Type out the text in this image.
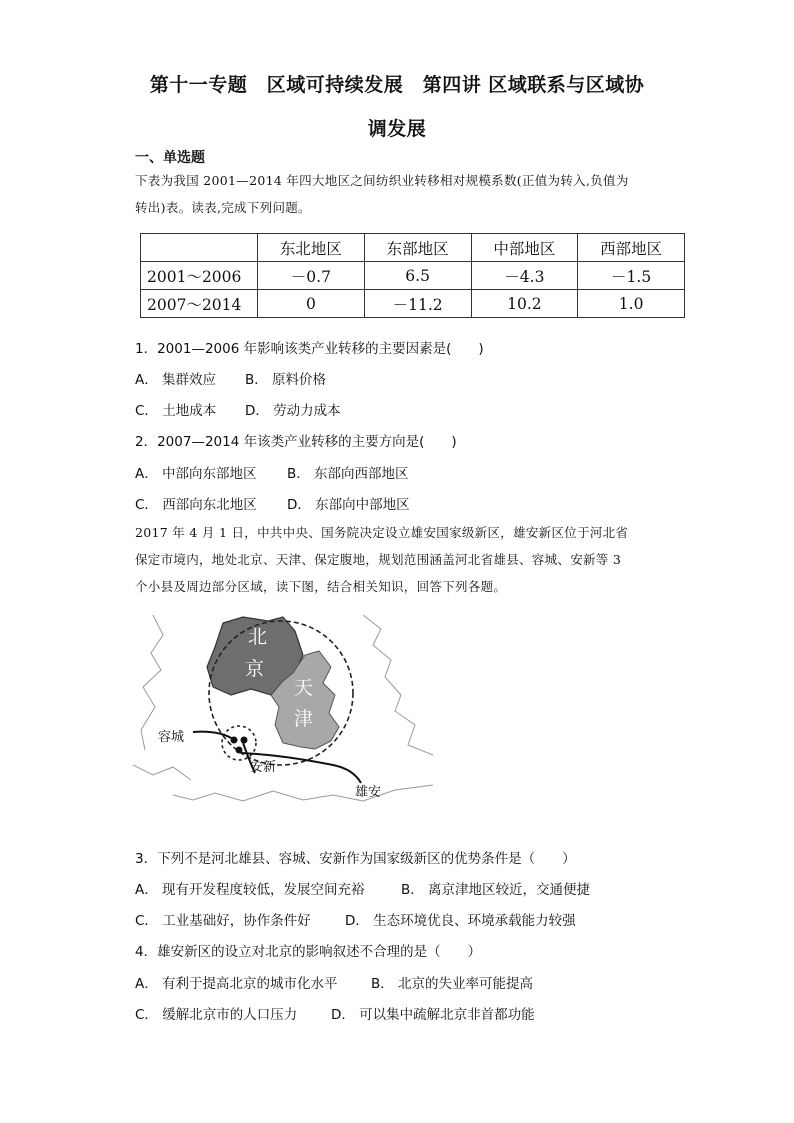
第十一专题　区域可持续发展　第四讲 区域联系与区域协
调发展
一、单选题
下表为我国 2001—2014 年四大地区之间纺织业转移相对规模系数(正值为转入,负值为
转出)表。读表,完成下列问题。
	东北地区	东部地区	中部地区	西部地区
2001～2006	－0.7	6.5	－4.3	－1.5
2007～2014	0	－11.2	10.2	1.0
1．2001—2006 年影响该类产业转移的主要因素是(　　)
A． 集群效应 B． 原料价格
C． 土地成本 D． 劳动力成本
2．2007—2014 年该类产业转移的主要方向是(　　)
A． 中部向东部地区 B． 东部向西部地区
C． 西部向东北地区 D． 东部向中部地区
2017 年 4 月 1 日，中共中央、国务院决定设立雄安国家级新区，雄安新区位于河北省
保定市境内，地处北京、天津、保定腹地，规划范围涵盖河北省雄县、容城、安新等 3
个小县及周边部分区域，读下图，结合相关知识，回答下列各题。
北
京
天
津
容城
安新
雄安
3．下列不是河北雄县、容城、安新作为国家级新区的优势条件是（　　）
A． 现有开发程度较低，发展空间充裕	B． 离京津地区较近，交通便捷
C． 工业基础好，协作条件好	D． 生态环境优良、环境承载能力较强
4．雄安新区的设立对北京的影响叙述不合理的是（　　）
A． 有利于提高北京的城市化水平 B． 北京的失业率可能提高
C． 缓解北京市的人口压力	D． 可以集中疏解北京非首都功能
